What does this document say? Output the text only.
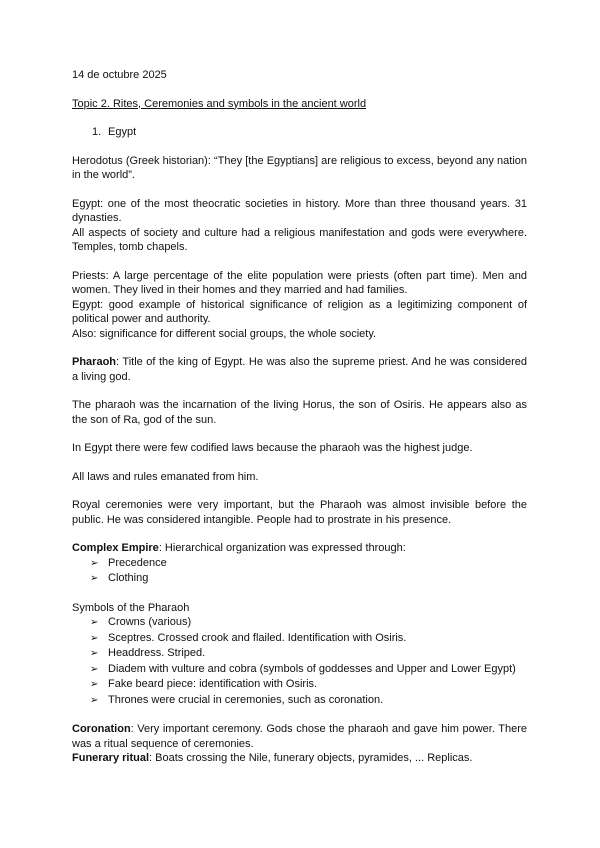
14 de octubre 2025

Topic 2. Rites, Ceremonies and symbols in the ancient world

1. Egypt

Herodotus (Greek historian): “They [the Egyptians] are religious to excess, beyond any nation in the world”.

Egypt: one of the most theocratic societies in history. More than three thousand years. 31 dynasties.

All aspects of society and culture had a religious manifestation and gods were everywhere. Temples, tomb chapels.

Priests: A large percentage of the elite population were priests (often part time). Men and women. They lived in their homes and they married and had families.

Egypt: good example of historical significance of religion as a legitimizing component of political power and authority.

Also: significance for different social groups, the whole society.

Pharaoh: Title of the king of Egypt. He was also the supreme priest. And he was considered a living god.

The pharaoh was the incarnation of the living Horus, the son of Osiris. He appears also as the son of Ra, god of the sun.

In Egypt there were few codified laws because the pharaoh was the highest judge.

All laws and rules emanated from him.

Royal ceremonies were very important, but the Pharaoh was almost invisible before the public. He was considered intangible. People had to prostrate in his presence.

Complex Empire: Hierarchical organization was expressed through:

➢ Precedence
➢ Clothing

Symbols of the Pharaoh

➢ Crowns (various)
➢ Sceptres. Crossed crook and flailed. Identification with Osiris.
➢ Headdress. Striped.
➢ Diadem with vulture and cobra (symbols of goddesses and Upper and Lower Egypt)
➢ Fake beard piece: identification with Osiris.
➢ Thrones were crucial in ceremonies, such as coronation.

Coronation: Very important ceremony. Gods chose the pharaoh and gave him power. There was a ritual sequence of ceremonies.

Funerary ritual: Boats crossing the Nile, funerary objects, pyramides, ... Replicas.
